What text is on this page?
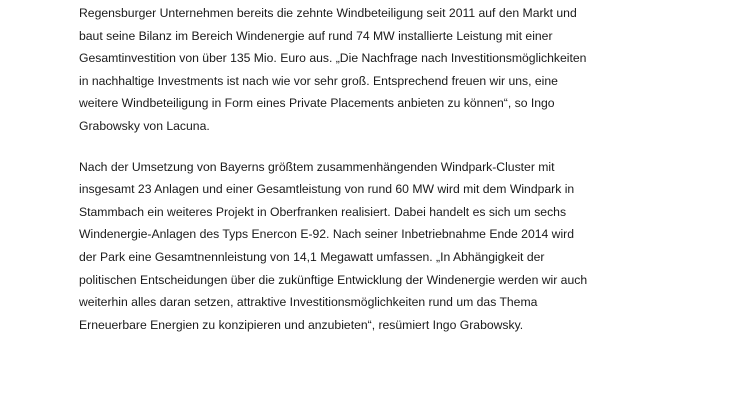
Regensburger Unternehmen bereits die zehnte Windbeteiligung seit 2011 auf den Markt und
baut seine Bilanz im Bereich Windenergie auf rund 74 MW installierte Leistung mit einer
Gesamtinvestition von über 135 Mio. Euro aus. „Die Nachfrage nach Investitionsmöglichkeiten
in nachhaltige Investments ist nach wie vor sehr groß. Entsprechend freuen wir uns, eine
weitere Windbeteiligung in Form eines Private Placements anbieten zu können“, so Ingo
Grabowsky von Lacuna.

Nach der Umsetzung von Bayerns größtem zusammenhängenden Windpark-Cluster mit
insgesamt 23 Anlagen und einer Gesamtleistung von rund 60 MW wird mit dem Windpark in
Stammbach ein weiteres Projekt in Oberfranken realisiert. Dabei handelt es sich um sechs
Windenergie-Anlagen des Typs Enercon E-92. Nach seiner Inbetriebnahme Ende 2014 wird
der Park eine Gesamtnennleistung von 14,1 Megawatt umfassen. „In Abhängigkeit der
politischen Entscheidungen über die zukünftige Entwicklung der Windenergie werden wir auch
weiterhin alles daran setzen, attraktive Investitionsmöglichkeiten rund um das Thema
Erneuerbare Energien zu konzipieren und anzubieten“, resümiert Ingo Grabowsky.
